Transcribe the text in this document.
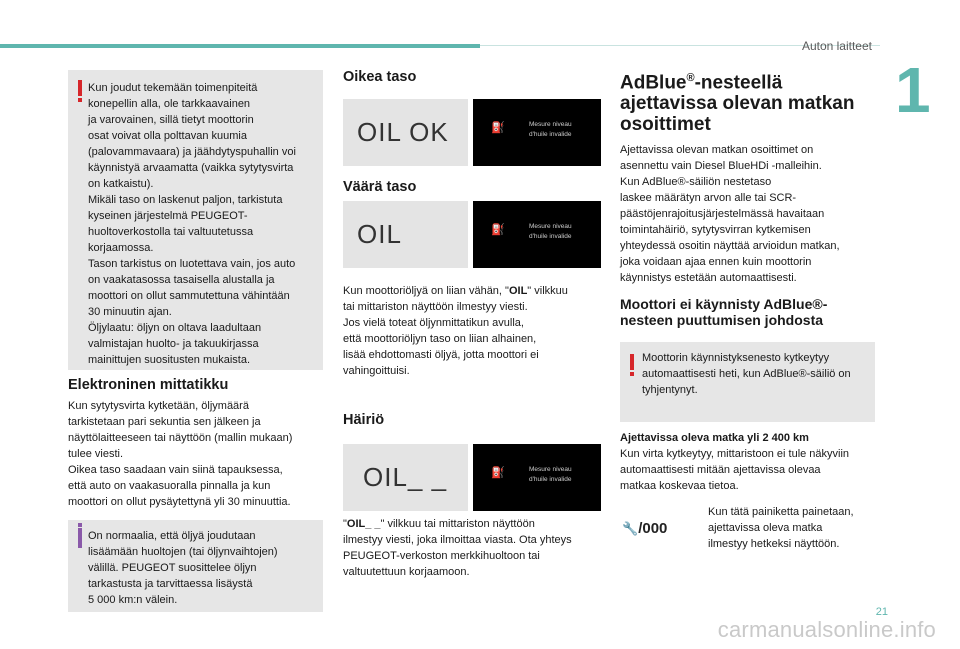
Auton laitteet
1
Kun joudut tekemään toimenpiteitä
konepellin alla, ole tarkkaavainen
ja varovainen, sillä tietyt moottorin
osat voivat olla polttavan kuumia
(palovammavaara) ja jäähdytyspuhallin voi
käynnistyä arvaamatta (vaikka sytytysvirta
on katkaistu).
Mikäli taso on laskenut paljon, tarkistuta
kyseinen järjestelmä PEUGEOT-
huoltoverkostolla tai valtuutetussa
korjaamossa.
Tason tarkistus on luotettava vain, jos auto
on vaakatasossa tasaisella alustalla ja
moottori on ollut sammutettuna vähintään
30 minuutin ajan.
Öljylaatu: öljyn on oltava laadultaan
valmistajan huolto- ja takuukirjassa
mainittujen suositusten mukaista.
Elektroninen mittatikku

Kun sytytysvirta kytketään, öljymäärä
tarkistetaan pari sekuntia sen jälkeen ja
näyttölaitteeseen tai näyttöön (mallin mukaan)
tulee viesti.
Oikea taso saadaan vain siinä tapauksessa,
että auto on vaakasuoralla pinnalla ja kun
moottori on ollut pysäytettynä yli 30 minuuttia.

On normaalia, että öljyä joudutaan
lisäämään huoltojen (tai öljynvaihtojen)
välillä. PEUGEOT suosittelee öljyn
tarkastusta ja tarvittaessa lisäystä
5 000 km:n välein.
Oikea taso
OIL OK	⛽	Mesure niveau
d'huile invalide
Väärä taso
OIL	⛽	Mesure niveau
d'huile invalide

Kun moottoriöljyä on liian vähän, "OIL" vilkkuu
tai mittariston näyttöön ilmestyy viesti.
Jos vielä toteat öljynmittatikun avulla,
että moottoriöljyn taso on liian alhainen,
lisää ehdottomasti öljyä, jotta moottori ei
vahingoittuisi.

Häiriö
OIL_ _	⛽	Mesure niveau
d'huile invalide

"OIL_ _" vilkkuu tai mittariston näyttöön
ilmestyy viesti, joka ilmoittaa viasta. Ota yhteys
PEUGEOT-verkoston merkkihuoltoon tai
valtuutettuun korjaamoon.

AdBlue®-nesteellä
ajettavissa olevan matkan
osoittimet

Ajettavissa olevan matkan osoittimet on
asennettu vain Diesel BlueHDi -malleihin.
Kun AdBlue®-säiliön nestetaso
laskee määrätyn arvon alle tai SCR-
päästöjenrajoitusjärjestelmässä havaitaan
toimintahäiriö, sytytysvirran kytkemisen
yhteydessä osoitin näyttää arvioidun matkan,
joka voidaan ajaa ennen kuin moottorin
käynnistys estetään automaattisesti.

Moottori ei käynnisty AdBlue®-
nesteen puuttumisen johdosta
Moottorin käynnistyksenesto kytkeytyy
automaattisesti heti, kun AdBlue®-säiliö on
tyhjentynyt.

Ajettavissa oleva matka yli 2 400 km
Kun virta kytkeytyy, mittaristoon ei tule näkyviin
automaattisesti mitään ajettavissa olevaa
matkaa koskevaa tietoa.

🔧/000

Kun tätä painiketta painetaan,
ajettavissa oleva matka
ilmestyy hetkeksi näyttöön.

21
carmanualsonline.info
